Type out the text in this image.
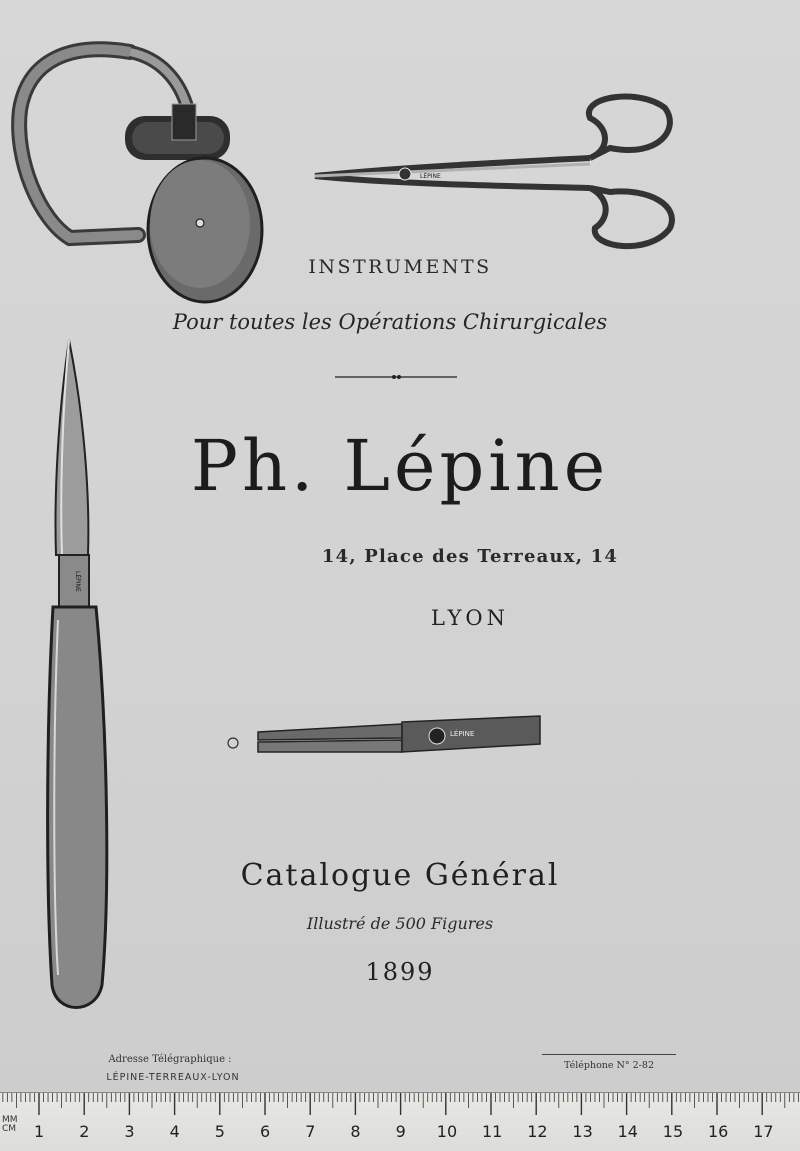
LÉPINE
LÉPINE
LÉPINE
INSTRUMENTS
Pour toutes les Opérations Chirurgicales
Ph. Lépine
14, Place des Terreaux, 14
LYON
Catalogue Général
Illustré de 500 Figures
1899
Adresse Télégraphique :
LÉPINE-TERREAUX-LYON
Téléphone N° 2-82
MM
CM 1 2 3 4 5 6 7 8 9 10 11 12 13 14 15 16 17
